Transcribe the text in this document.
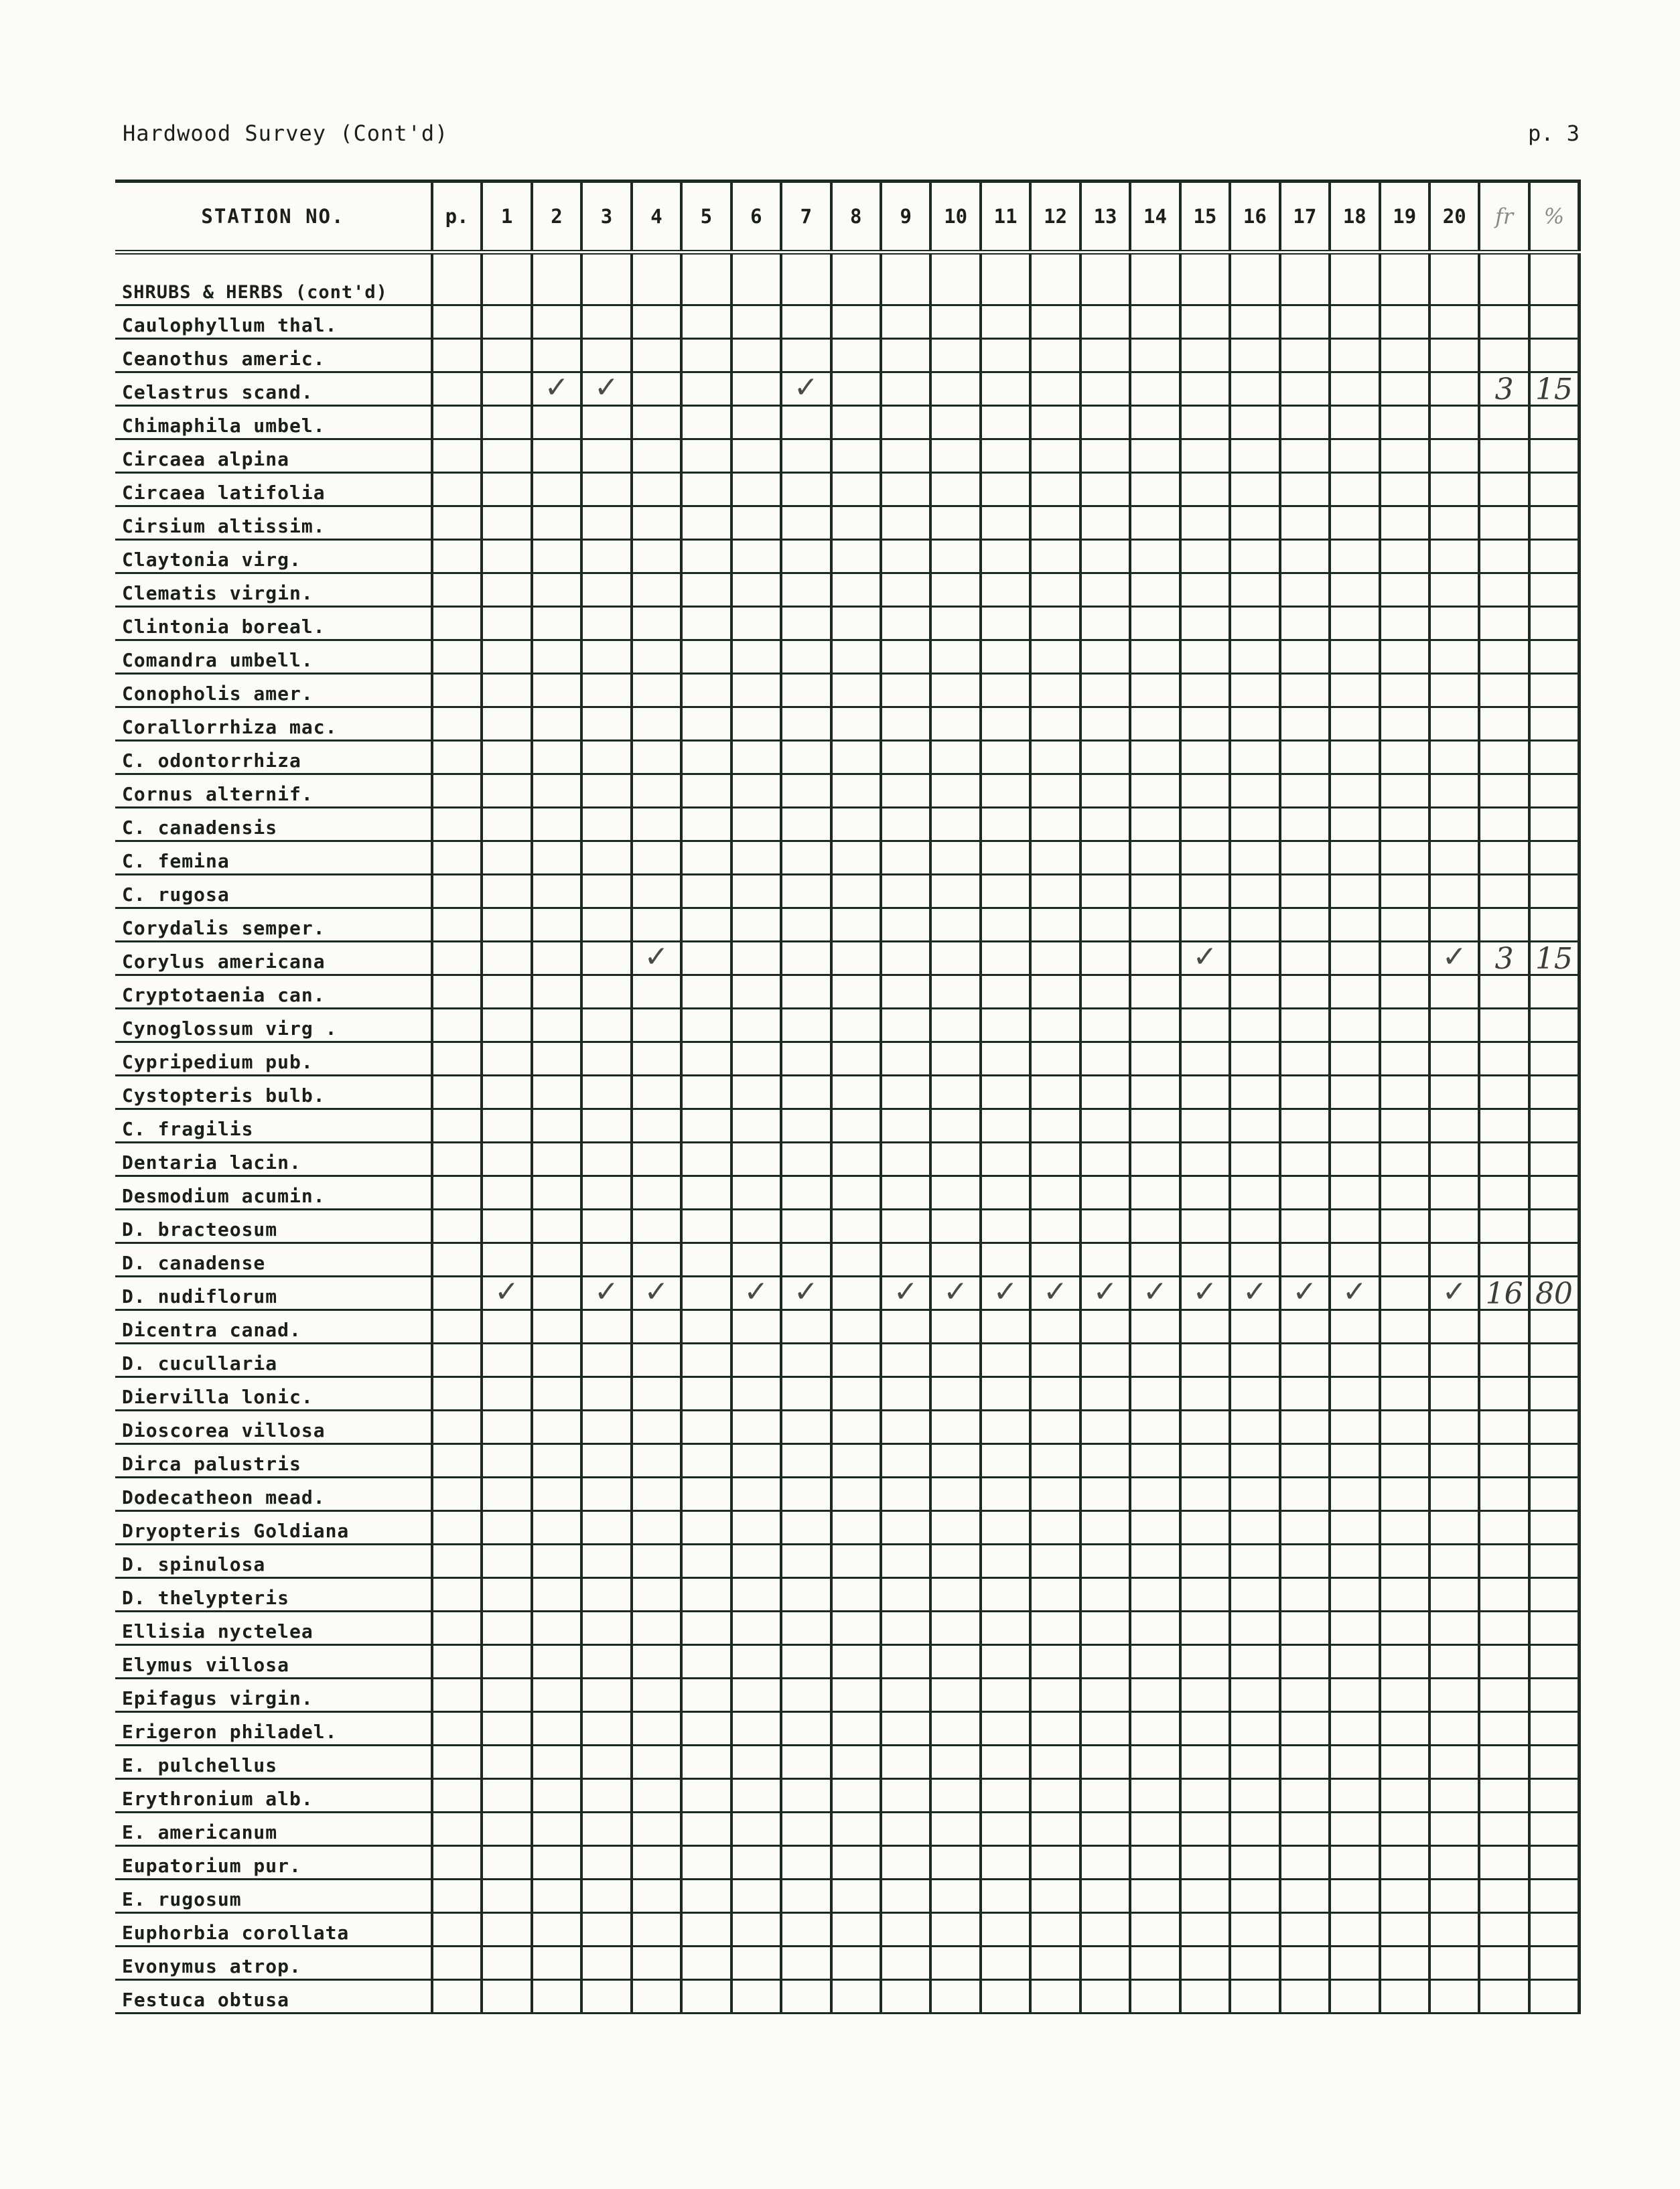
Hardwood Survey (Cont'd)	p. 3
STATION NO.	p.	1	2	3	4	5	6	7	8	9	10	11	12	13	14	15	16	17	18	19	20	fr	%
SHRUBS & HERBS (cont'd)																							
Caulophyllum thal.																							
Ceanothus americ.																							
Celastrus scand.			✓	✓				✓														3	15

Chimaphila umbel.																							
Circaea alpina																							
Circaea latifolia																							
Cirsium altissim.																							
Claytonia virg.																							
Clematis virgin.																							
Clintonia boreal.																							
Comandra umbell.																							
Conopholis amer.																							
Corallorrhiza mac.																							
C. odontorrhiza																							
Cornus alternif.																							
C. canadensis																							
C. femina																							
C. rugosa																							
Corydalis semper.																							
Corylus americana					✓											✓					✓	3	15

Cryptotaenia can.																							
Cynoglossum virg .																							
Cypripedium pub.																							
Cystopteris bulb.																							
C. fragilis																							
Dentaria lacin.																							
Desmodium acumin.																							
D. bracteosum																							
D. canadense																							
D. nudiflorum		✓		✓	✓		✓	✓		✓	✓	✓	✓	✓	✓	✓	✓	✓	✓		✓	16	80

Dicentra canad.																							
D. cucullaria																							
Diervilla lonic.																							
Dioscorea villosa																							
Dirca palustris																							
Dodecatheon mead.																							
Dryopteris Goldiana																							
D. spinulosa																							
D. thelypteris																							
Ellisia nyctelea																							
Elymus villosa																							
Epifagus virgin.																							
Erigeron philadel.																							
E. pulchellus																							
Erythronium alb.																							
E. americanum																							
Eupatorium pur.																							
E. rugosum																							
Euphorbia corollata																							
Evonymus atrop.																							
Festuca obtusa																							
